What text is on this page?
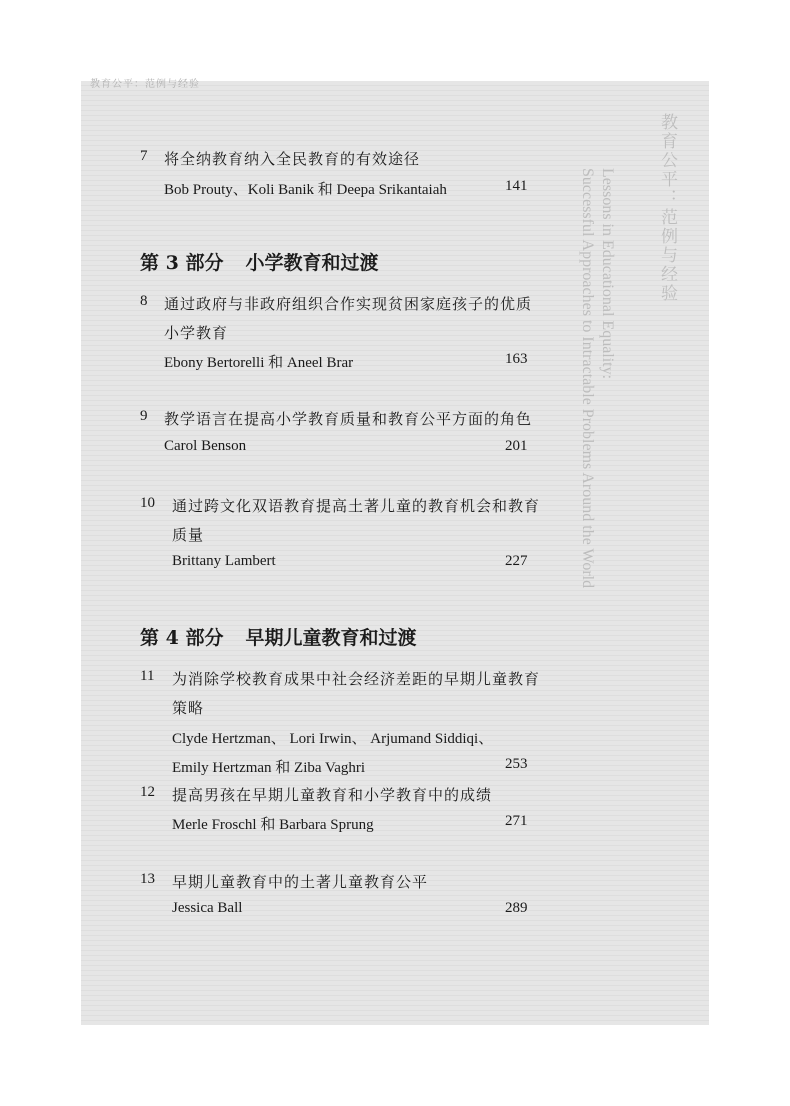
教育公平：范例与经验
教育公平：范例与经验
Lessons in Educational Equality:
Successful Approaches to Intractable Problems Around the World
7 将全纳教育纳入全民教育的有效途径
Bob Prouty、Koli Banik 和 Deepa Srikantaiah	141
第 3 部分 小学教育和过渡
8 通过政府与非政府组织合作实现贫困家庭孩子的优质
小学教育
Ebony Bertorelli 和 Aneel Brar	163
9 教学语言在提高小学教育质量和教育公平方面的角色
Carol Benson	201
10 通过跨文化双语教育提高土著儿童的教育机会和教育
质量
Brittany Lambert	227
第 4 部分 早期儿童教育和过渡
11 为消除学校教育成果中社会经济差距的早期儿童教育
策略
Clyde Hertzman、 Lori Irwin、 Arjumand Siddiqi、
Emily Hertzman 和 Ziba Vaghri	253
12 提高男孩在早期儿童教育和小学教育中的成绩
Merle Froschl 和 Barbara Sprung	271
13 早期儿童教育中的土著儿童教育公平
Jessica Ball	289
